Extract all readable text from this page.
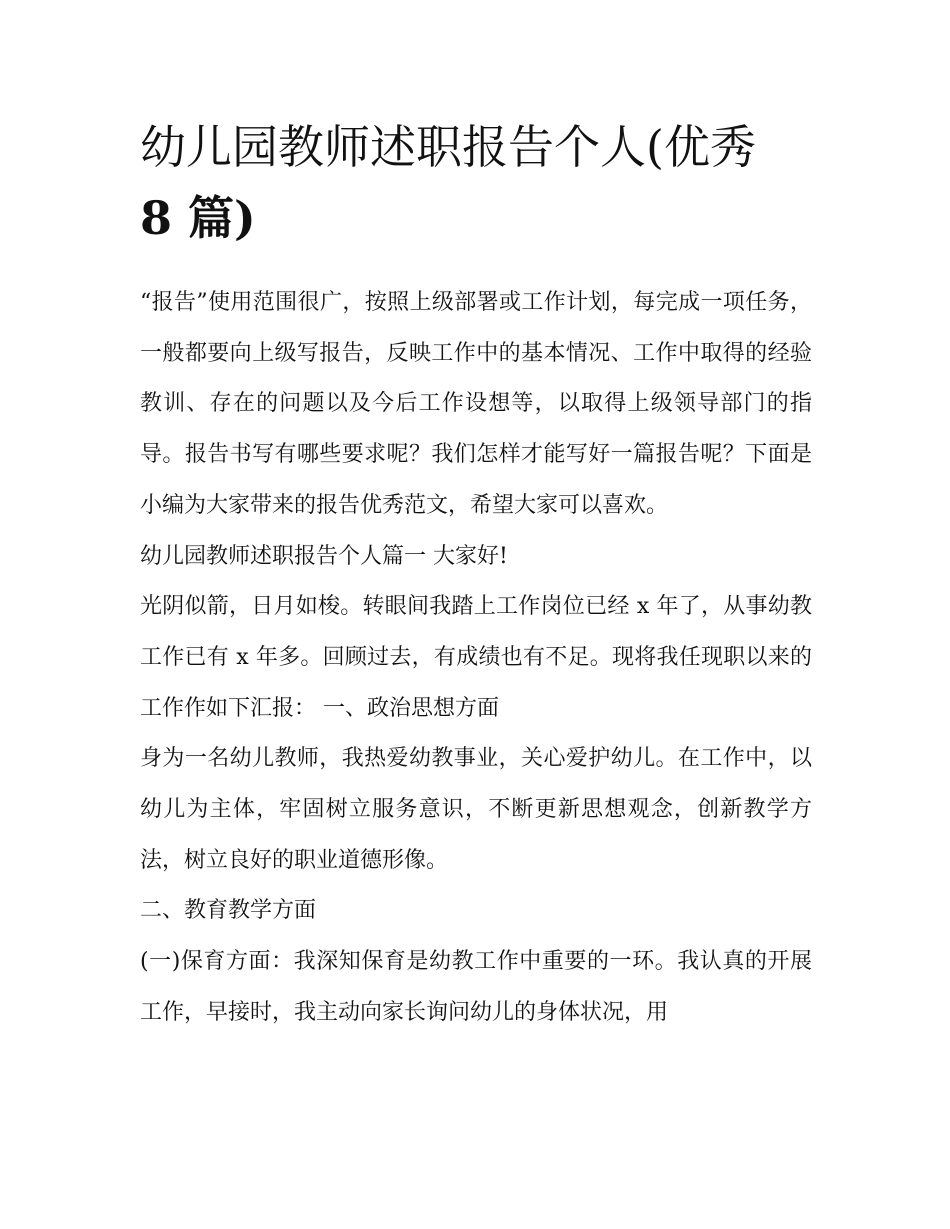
幼儿园教师述职报告个人(优秀
8 篇)

“报告”使用范围很广，按照上级部署或工作计划，每完成一项任务，一般都要向上级写报告，反映工作中的基本情况、工作中取得的经验教训、存在的问题以及今后工作设想等，以取得上级领导部门的指导。报告书写有哪些要求呢？我们怎样才能写好一篇报告呢？下面是小编为大家带来的报告优秀范文，希望大家可以喜欢。

幼儿园教师述职报告个人篇一 大家好!

光阴似箭，日月如梭。转眼间我踏上工作岗位已经 x 年了，从事幼教工作已有 x 年多。回顾过去，有成绩也有不足。现将我任现职以来的工作作如下汇报： 一、政治思想方面

身为一名幼儿教师，我热爱幼教事业，关心爱护幼儿。在工作中，以幼儿为主体，牢固树立服务意识，不断更新思想观念，创新教学方法，树立良好的职业道德形像。

二、教育教学方面

(一)保育方面：我深知保育是幼教工作中重要的一环。我认真的开展工作，早接时，我主动向家长询问幼儿的身体状况，用
